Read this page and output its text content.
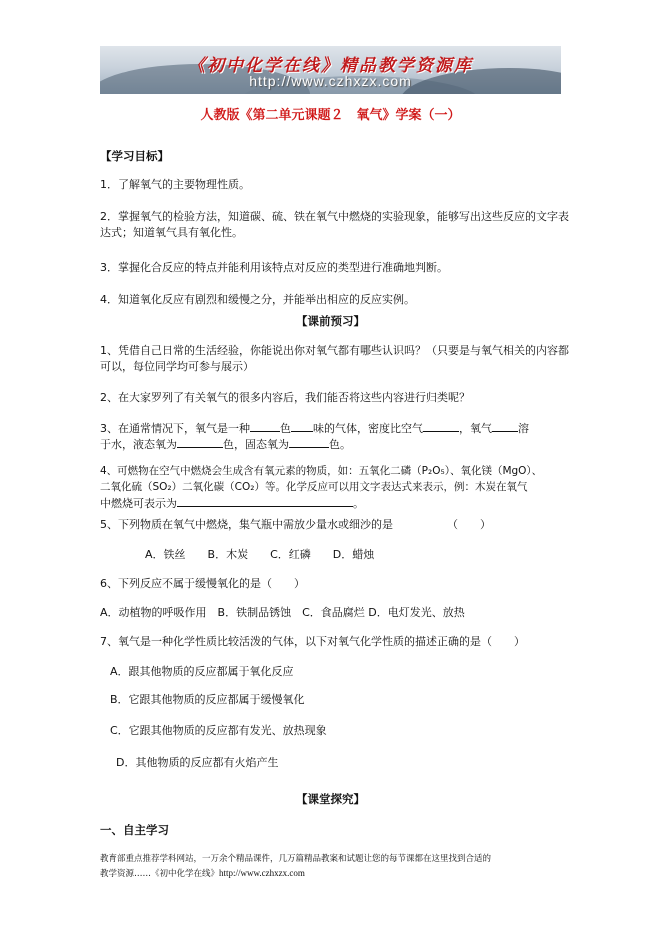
《初中化学在线》精品教学资源库
http://www.czhxzx.com
人教版《第二单元课题２　氧气》学案（一）
【学习目标】
1．了解氧气的主要物理性质。
2．掌握氧气的检验方法，知道碳、硫、铁在氧气中燃烧的实验现象，能够写出这些反应的文字表达式；知道氧气具有氧化性。
3．掌握化合反应的特点并能利用该特点对反应的类型进行准确地判断。
4．知道氧化反应有剧烈和缓慢之分，并能举出相应的反应实例。
【课前预习】
1、凭借自己日常的生活经验，你能说出你对氧气都有哪些认识吗？（只要是与氧气相关的内容都可以，每位同学均可参与展示）
2、在大家罗列了有关氧气的很多内容后，我们能否将这些内容进行归类呢？
3、在通常情况下，氧气是一种	色 味的气体，密度比空气	，氧气 溶
于水，液态氧为	色，固态氧为	色。
4、可燃物在空气中燃烧会生成含有氧元素的物质，如：五氧化二磷（P₂O₅）、氧化镁（MgO）、
二氧化硫（SO₂）二氧化碳（CO₂）等。化学反应可以用文字表达式来表示，例：木炭在氧气
中燃烧可表示为	。
5、下列物质在氧气中燃烧，集气瓶中需放少量水或细沙的是	（　　）
A．铁丝　　B．木炭　　C．红磷　　D．蜡烛
6、下列反应不属于缓慢氧化的是（　　）
A．动植物的呼吸作用　B．铁制品锈蚀　C．食品腐烂 D．电灯发光、放热
7、氧气是一种化学性质比较活泼的气体，以下对氧气化学性质的描述正确的是（　　）
A．跟其他物质的反应都属于氧化反应
B．它跟其他物质的反应都属于缓慢氧化
C．它跟其他物质的反应都有发光、放热现象
D．其他物质的反应都有火焰产生
【课堂探究】
一、自主学习
教育部重点推荐学科网站，一万余个精品课件，几万篇精品教案和试题让您的每节课都在这里找到合适的
教学资源……《初中化学在线》http://www.czhxzx.com
